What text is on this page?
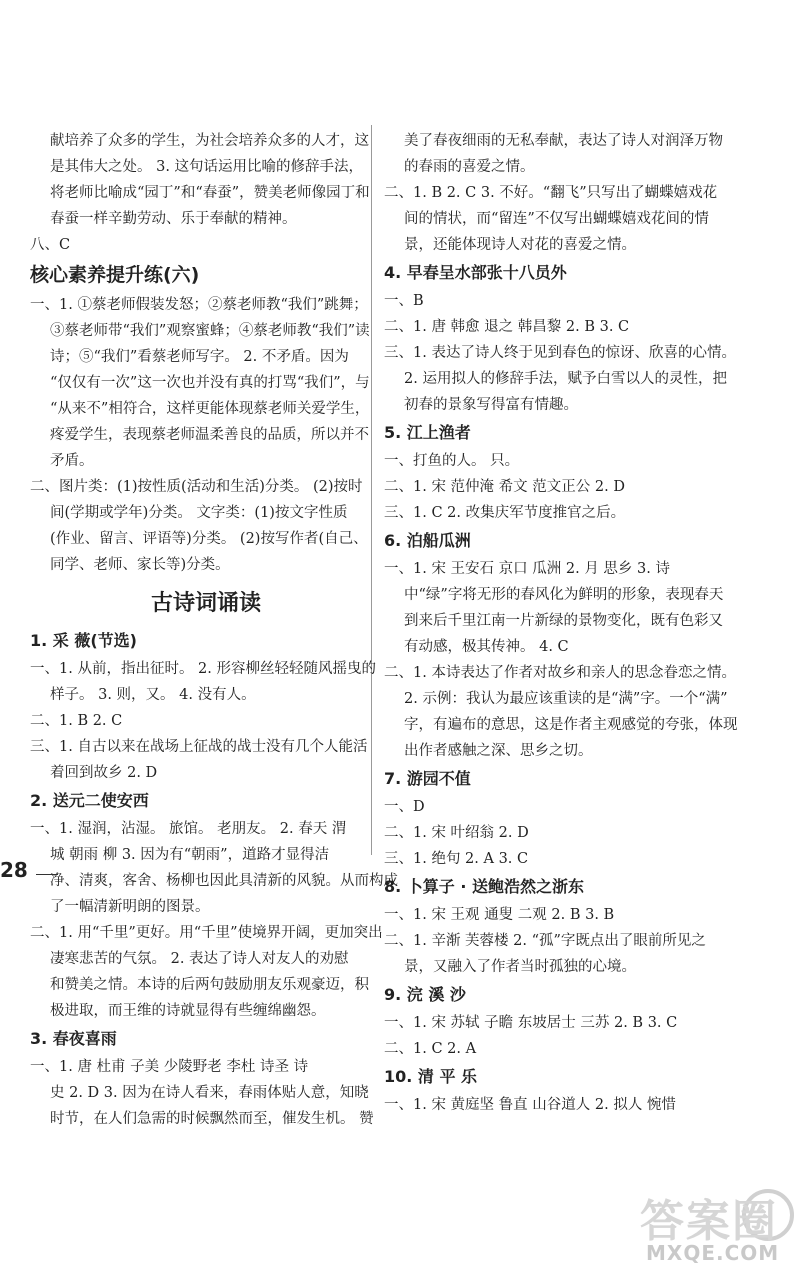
献培养了众多的学生，为社会培养众多的人才，这
是其伟大之处。 3. 这句话运用比喻的修辞手法，
将老师比喻成“园丁”和“春蚕”，赞美老师像园丁和
春蚕一样辛勤劳动、乐于奉献的精神。
八、C
核心素养提升练(六)
一、1. ①蔡老师假装发怒；②蔡老师教“我们”跳舞；
③蔡老师带“我们”观察蜜蜂；④蔡老师教“我们”读
诗；⑤“我们”看蔡老师写字。 2. 不矛盾。因为
“仅仅有一次”这一次也并没有真的打骂“我们”，与
“从来不”相符合，这样更能体现蔡老师关爱学生，
疼爱学生，表现蔡老师温柔善良的品质，所以并不
矛盾。
二、图片类：(1)按性质(活动和生活)分类。 (2)按时
间(学期或学年)分类。 文字类：(1)按文字性质
(作业、留言、评语等)分类。 (2)按写作者(自己、
同学、老师、家长等)分类。
古诗词诵读
1. 采 薇(节选)
一、1. 从前，指出征时。 2. 形容柳丝轻轻随风摇曳的
样子。 3. 则，又。 4. 没有人。
二、1. B 2. C
三、1. 自古以来在战场上征战的战士没有几个人能活
着回到故乡 2. D
2. 送元二使安西
一、1. 湿润，沾湿。 旅馆。 老朋友。 2. 春天 渭
城 朝雨 柳 3. 因为有“朝雨”，道路才显得洁
净、清爽，客舍、杨柳也因此具清新的风貌。从而构成
了一幅清新明朗的图景。
二、1. 用“千里”更好。用“千里”使境界开阔，更加突出
凄寒悲苦的气氛。 2. 表达了诗人对友人的劝慰
和赞美之情。本诗的后两句鼓励朋友乐观豪迈，积
极进取，而王维的诗就显得有些缠绵幽怨。
3. 春夜喜雨
一、1. 唐 杜甫 子美 少陵野老 李杜 诗圣 诗
史 2. D 3. 因为在诗人看来，春雨体贴人意，知晓
时节，在人们急需的时候飘然而至，催发生机。 赞
美了春夜细雨的无私奉献，表达了诗人对润泽万物
的春雨的喜爱之情。
二、1. B 2. C 3. 不好。“翻飞”只写出了蝴蝶嬉戏花
间的情状，而“留连”不仅写出蝴蝶嬉戏花间的情
景，还能体现诗人对花的喜爱之情。
4. 早春呈水部张十八员外
一、B
二、1. 唐 韩愈 退之 韩昌黎 2. B 3. C
三、1. 表达了诗人终于见到春色的惊讶、欣喜的心情。
2. 运用拟人的修辞手法，赋予白雪以人的灵性，把
初春的景象写得富有情趣。
5. 江上渔者
一、打鱼的人。 只。
二、1. 宋 范仲淹 希文 范文正公 2. D
三、1. C 2. 改集庆军节度推官之后。
6. 泊船瓜洲
一、1. 宋 王安石 京口 瓜洲 2. 月 思乡 3. 诗
中“绿”字将无形的春风化为鲜明的形象，表现春天
到来后千里江南一片新绿的景物变化，既有色彩又
有动感，极其传神。 4. C
二、1. 本诗表达了作者对故乡和亲人的思念眷恋之情。
2. 示例：我认为最应该重读的是“满”字。一个“满”
字，有遍布的意思，这是作者主观感觉的夸张，体现
出作者感触之深、思乡之切。
7. 游园不值
一、D
二、1. 宋 叶绍翁 2. D
三、1. 绝句 2. A 3. C
8. 卜算子 · 送鲍浩然之浙东
一、1. 宋 王观 通叟 二观 2. B 3. B
二、1. 辛渐 芙蓉楼 2. “孤”字既点出了眼前所见之
景，又融入了作者当时孤独的心境。
9. 浣 溪 沙
一、1. 宋 苏轼 子瞻 东坡居士 三苏 2. B 3. C
二、1. C 2. A
10. 清 平 乐
一、1. 宋 黄庭坚 鲁直 山谷道人 2. 拟人 惋惜
28
答案圈
MXQE.COM
